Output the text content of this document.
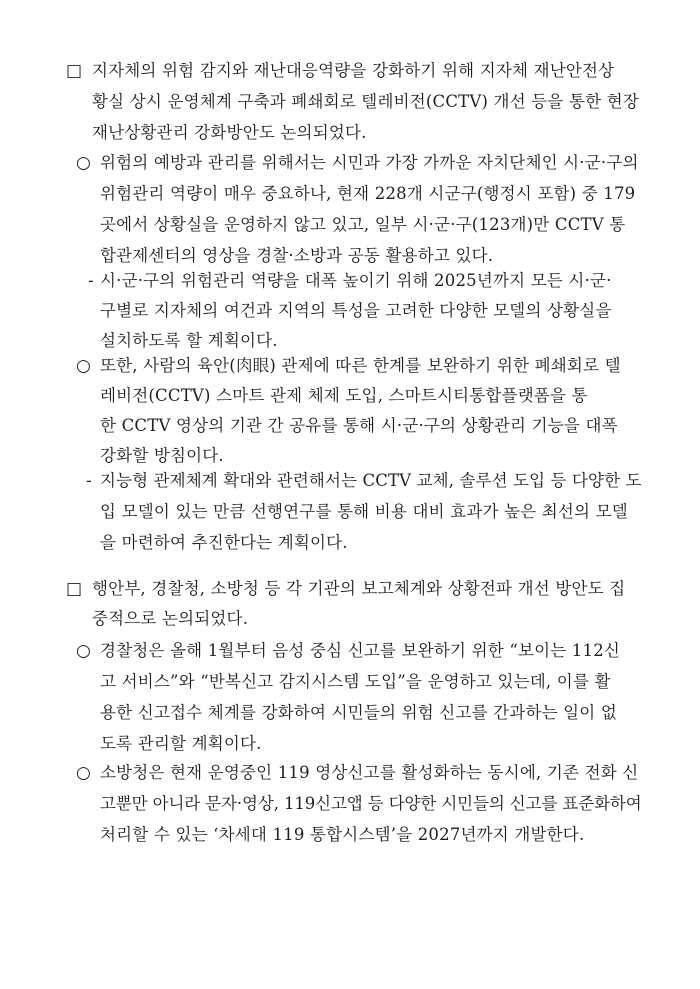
□ 지자체의 위험 감지와 재난대응역량을 강화하기 위해 지자체 재난안전상
황실 상시 운영체계 구축과 폐쇄회로 텔레비전(CCTV) 개선 등을 통한 현장
재난상황관리 강화방안도 논의되었다.
○ 위험의 예방과 관리를 위해서는 시민과 가장 가까운 자치단체인 시·군·구의
위험관리 역량이 매우 중요하나, 현재 228개 시군구(행정시 포함) 중 179
곳에서 상황실을 운영하지 않고 있고, 일부 시·군·구(123개)만 CCTV 통
합관제센터의 영상을 경찰·소방과 공동 활용하고 있다.
- 시·군·구의 위험관리 역량을 대폭 높이기 위해 2025년까지 모든 시·군·
구별로 지자체의 여건과 지역의 특성을 고려한 다양한 모델의 상황실을
설치하도록 할 계획이다.
○ 또한, 사람의 육안(肉眼) 관제에 따른 한계를 보완하기 위한 폐쇄회로 텔
레비전(CCTV) 스마트 관제 체제 도입, 스마트시티통합플랫폼을 통
한 CCTV 영상의 기관 간 공유를 통해 시·군·구의 상황관리 기능을 대폭
강화할 방침이다.
- 지능형 관제체계 확대와 관련해서는 CCTV 교체, 솔루션 도입 등 다양한 도
입 모델이 있는 만큼 선행연구를 통해 비용 대비 효과가 높은 최선의 모델
을 마련하여 추진한다는 계획이다.
□ 행안부, 경찰청, 소방청 등 각 기관의 보고체계와 상황전파 개선 방안도 집
중적으로 논의되었다.
○ 경찰청은 올해 1월부터 음성 중심 신고를 보완하기 위한 “보이는 112신
고 서비스”와 “반복신고 감지시스템 도입”을 운영하고 있는데, 이를 활
용한 신고접수 체계를 강화하여 시민들의 위험 신고를 간과하는 일이 없
도록 관리할 계획이다.
○ 소방청은 현재 운영중인 119 영상신고를 활성화하는 동시에, 기존 전화 신
고뿐만 아니라 문자·영상, 119신고앱 등 다양한 시민들의 신고를 표준화하여
처리할 수 있는 ‘차세대 119 통합시스템’을 2027년까지 개발한다.
